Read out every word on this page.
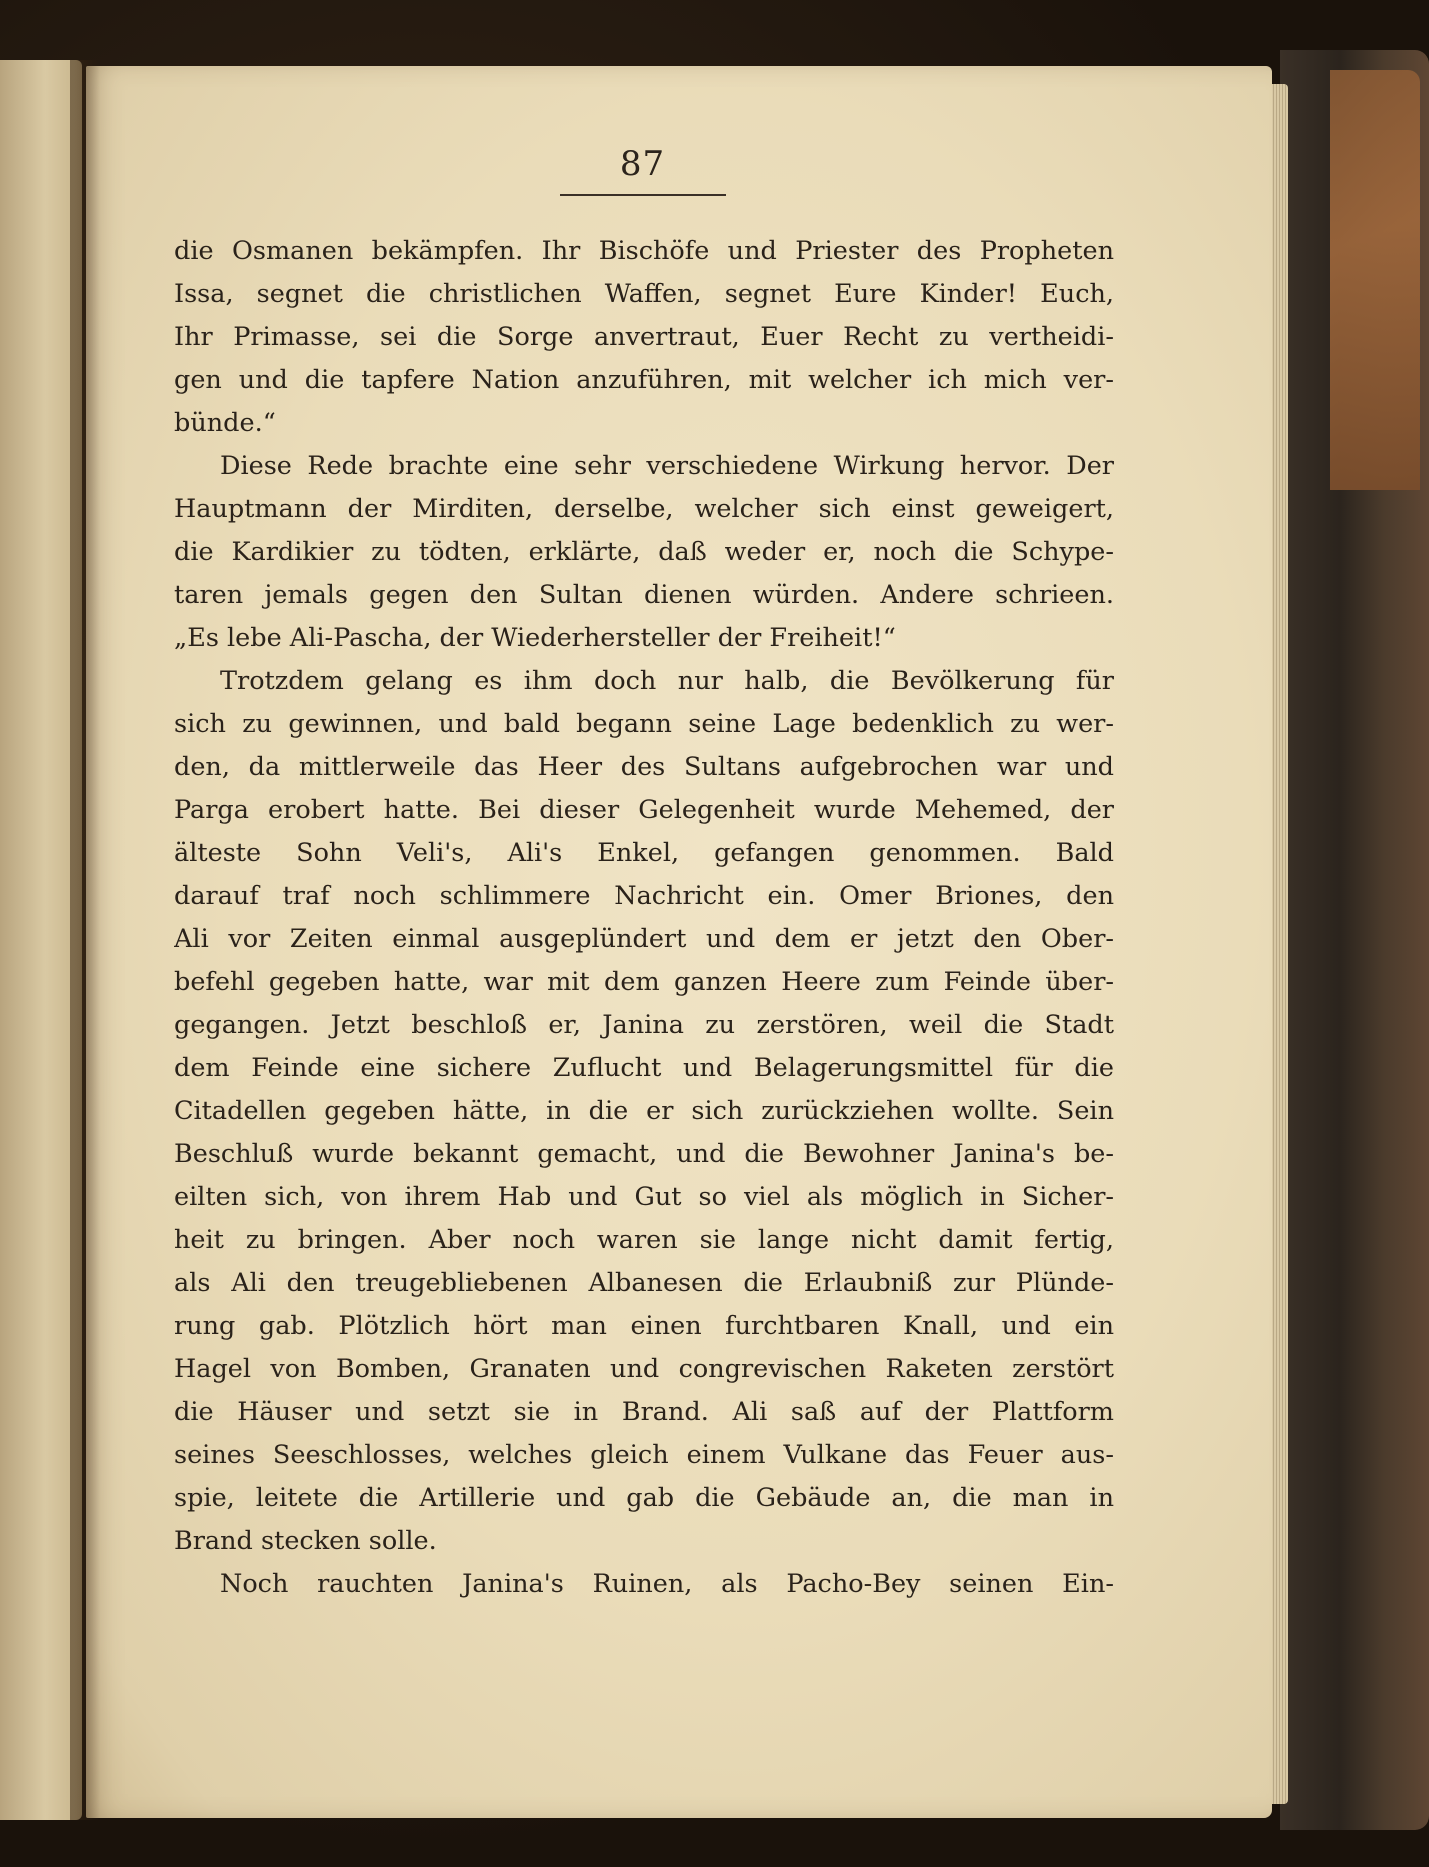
87
die Osmanen bekämpfen. Ihr Bischöfe und Priester des Propheten
Issa, segnet die christlichen Waffen, segnet Eure Kinder! Euch,
Ihr Primasse, sei die Sorge anvertraut, Euer Recht zu vertheidi-
gen und die tapfere Nation anzuführen, mit welcher ich mich ver-
bünde.“
Diese Rede brachte eine sehr verschiedene Wirkung hervor. Der
Hauptmann der Mirditen, derselbe, welcher sich einst geweigert,
die Kardikier zu tödten, erklärte, daß weder er, noch die Schype-
taren jemals gegen den Sultan dienen würden. Andere schrieen.
„Es lebe Ali-Pascha, der Wiederhersteller der Freiheit!“
Trotzdem gelang es ihm doch nur halb, die Bevölkerung für
sich zu gewinnen, und bald begann seine Lage bedenklich zu wer-
den, da mittlerweile das Heer des Sultans aufgebrochen war und
Parga erobert hatte. Bei dieser Gelegenheit wurde Mehemed, der
älteste Sohn Veli's, Ali's Enkel, gefangen genommen. Bald
darauf traf noch schlimmere Nachricht ein. Omer Briones, den
Ali vor Zeiten einmal ausgeplündert und dem er jetzt den Ober-
befehl gegeben hatte, war mit dem ganzen Heere zum Feinde über-
gegangen. Jetzt beschloß er, Janina zu zerstören, weil die Stadt
dem Feinde eine sichere Zuflucht und Belagerungsmittel für die
Citadellen gegeben hätte, in die er sich zurückziehen wollte. Sein
Beschluß wurde bekannt gemacht, und die Bewohner Janina's be-
eilten sich, von ihrem Hab und Gut so viel als möglich in Sicher-
heit zu bringen. Aber noch waren sie lange nicht damit fertig,
als Ali den treugebliebenen Albanesen die Erlaubniß zur Plünde-
rung gab. Plötzlich hört man einen furchtbaren Knall, und ein
Hagel von Bomben, Granaten und congrevischen Raketen zerstört
die Häuser und setzt sie in Brand. Ali saß auf der Plattform
seines Seeschlosses, welches gleich einem Vulkane das Feuer aus-
spie, leitete die Artillerie und gab die Gebäude an, die man in
Brand stecken solle.
Noch rauchten Janina's Ruinen, als Pacho-Bey seinen Ein-
